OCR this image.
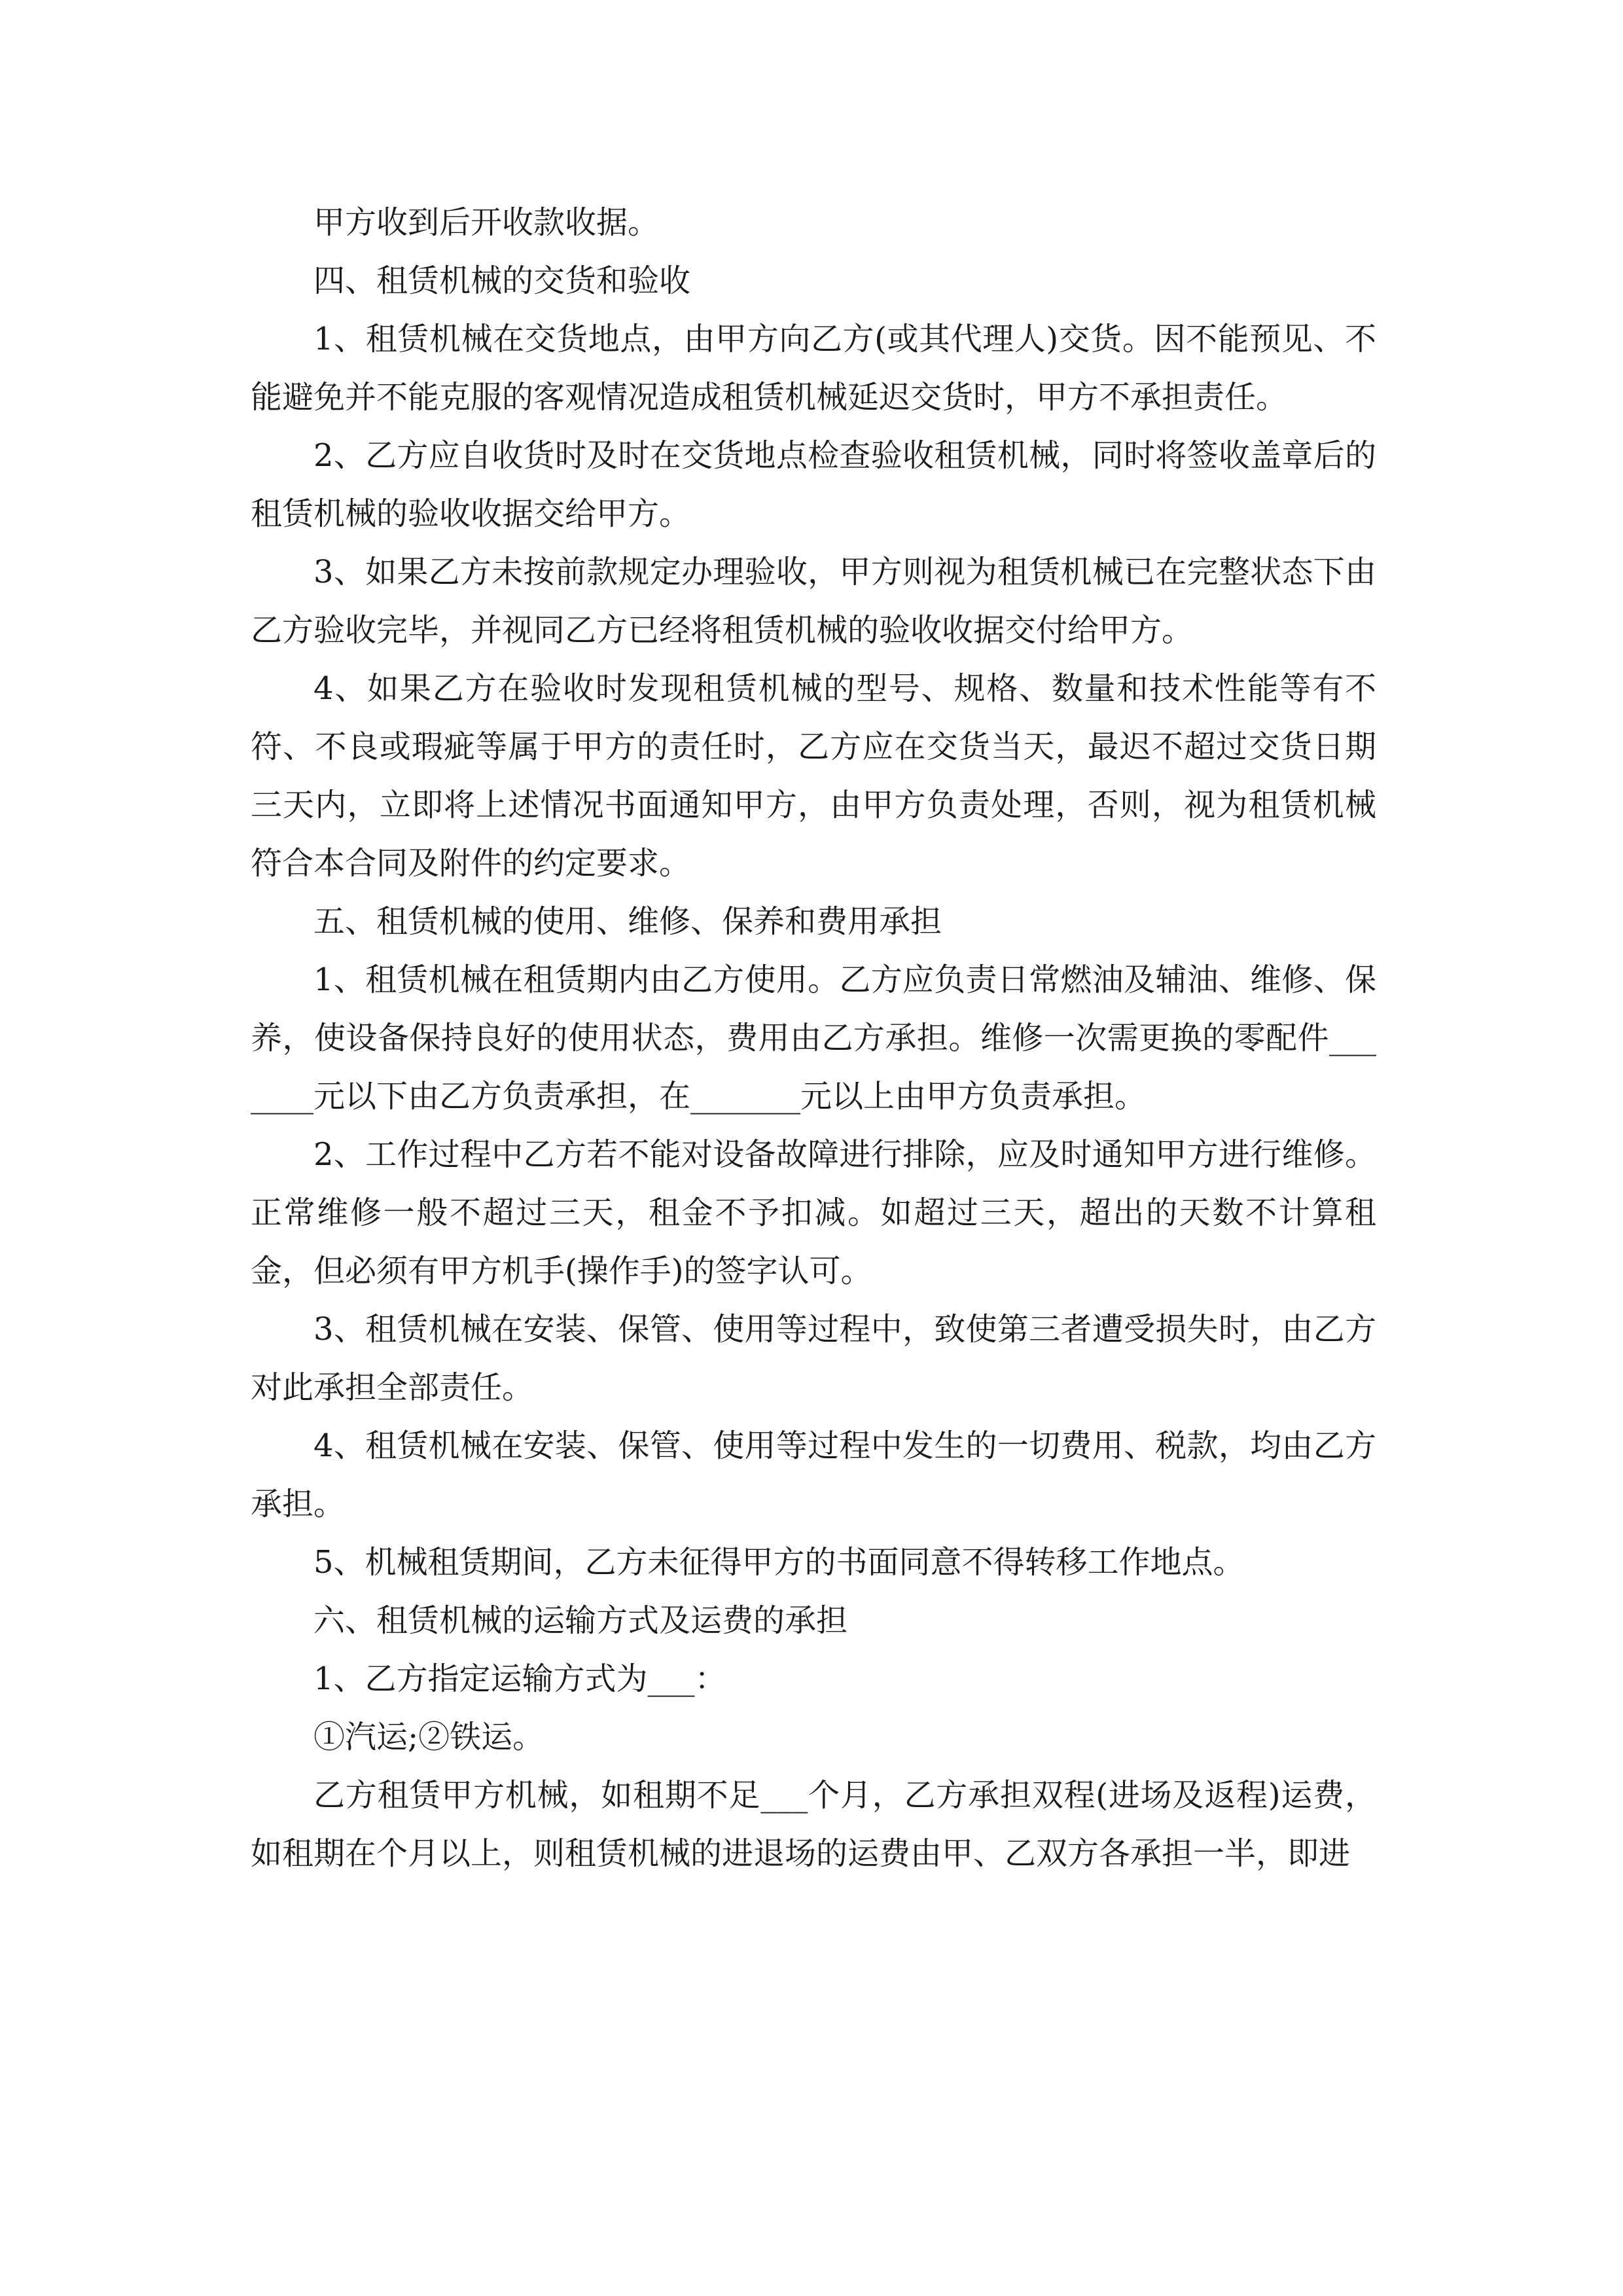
甲方收到后开收款收据。

四、租赁机械的交货和验收

1、租赁机械在交货地点，由甲方向乙方(或其代理人)交货。因不能预见、不能避免并不能克服的客观情况造成租赁机械延迟交货时，甲方不承担责任。

2、乙方应自收货时及时在交货地点检查验收租赁机械，同时将签收盖章后的租赁机械的验收收据交给甲方。

3、如果乙方未按前款规定办理验收，甲方则视为租赁机械已在完整状态下由乙方验收完毕，并视同乙方已经将租赁机械的验收收据交付给甲方。

4、如果乙方在验收时发现租赁机械的型号、规格、数量和技术性能等有不符、不良或瑕疵等属于甲方的责任时，乙方应在交货当天，最迟不超过交货日期三天内，立即将上述情况书面通知甲方，由甲方负责处理，否则，视为租赁机械符合本合同及附件的约定要求。

五、租赁机械的使用、维修、保养和费用承担

1、租赁机械在租赁期内由乙方使用。乙方应负责日常燃油及辅油、维修、保养，使设备保持良好的使用状态，费用由乙方承担。维修一次需更换的零配件_______元以下由乙方负责承担，在_______元以上由甲方负责承担。

2、工作过程中乙方若不能对设备故障进行排除，应及时通知甲方进行维修。正常维修一般不超过三天，租金不予扣减。如超过三天，超出的天数不计算租金，但必须有甲方机手(操作手)的签字认可。

3、租赁机械在安装、保管、使用等过程中，致使第三者遭受损失时，由乙方对此承担全部责任。

4、租赁机械在安装、保管、使用等过程中发生的一切费用、税款，均由乙方承担。

5、机械租赁期间，乙方未征得甲方的书面同意不得转移工作地点。

六、租赁机械的运输方式及运费的承担

1、乙方指定运输方式为___：

①汽运;②铁运。

乙方租赁甲方机械，如租期不足___个月，乙方承担双程(进场及返程)运费，如租期在个月以上，则租赁机械的进退场的运费由甲、乙双方各承担一半，即进
